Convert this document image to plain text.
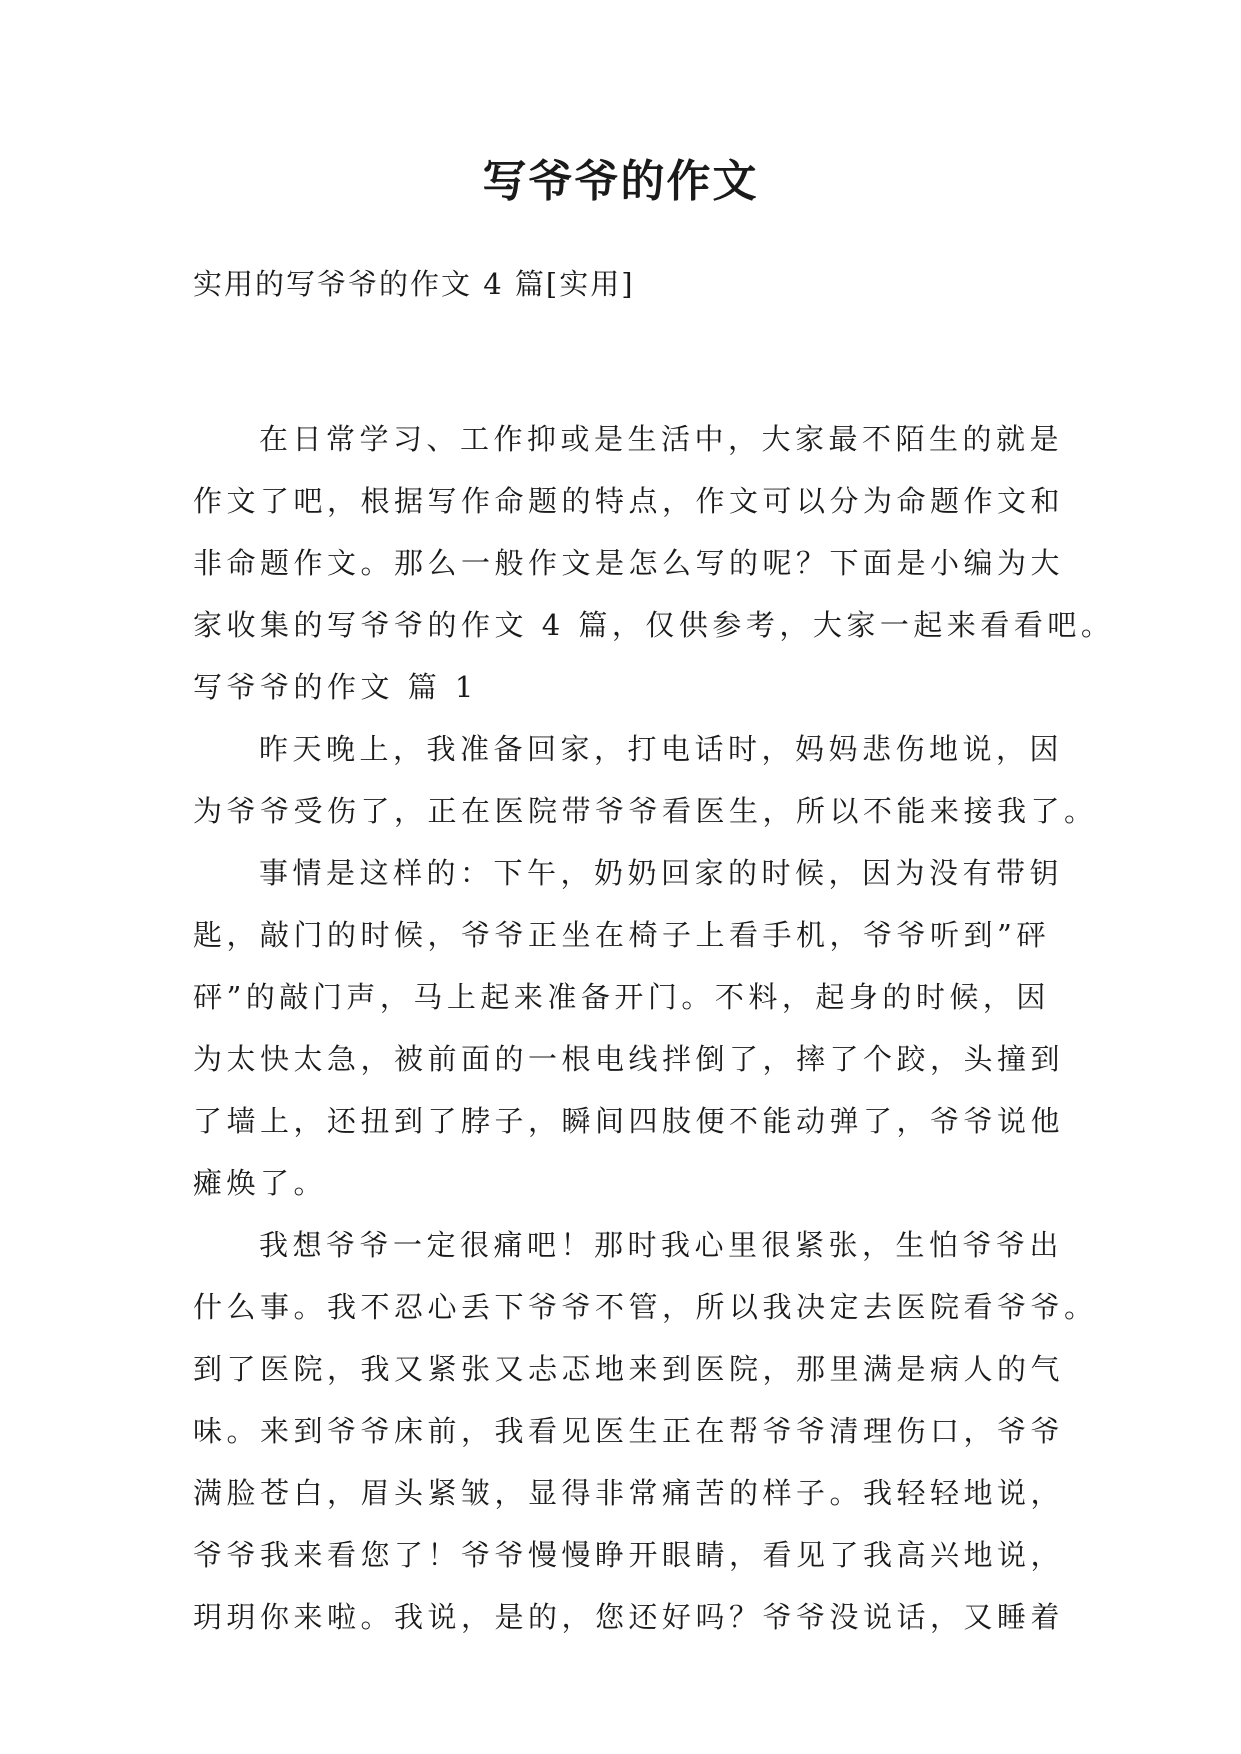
写爷爷的作文
实用的写爷爷的作文 4 篇[实用]
在日常学习、工作抑或是生活中，大家最不陌生的就是
作文了吧，根据写作命题的特点，作文可以分为命题作文和
非命题作文。那么一般作文是怎么写的呢？下面是小编为大
家收集的写爷爷的作文 4 篇，仅供参考，大家一起来看看吧。
写爷爷的作文 篇 1
昨天晚上，我准备回家，打电话时，妈妈悲伤地说，因
为爷爷受伤了，正在医院带爷爷看医生，所以不能来接我了。
事情是这样的：下午，奶奶回家的时候，因为没有带钥
匙，敲门的时候，爷爷正坐在椅子上看手机，爷爷听到”砰
砰”的敲门声，马上起来准备开门。不料，起身的时候，因
为太快太急，被前面的一根电线拌倒了，摔了个跤，头撞到
了墙上，还扭到了脖子，瞬间四肢便不能动弹了，爷爷说他
瘫焕了。
我想爷爷一定很痛吧！那时我心里很紧张，生怕爷爷出
什么事。我不忍心丢下爷爷不管，所以我决定去医院看爷爷。
到了医院，我又紧张又忐忑地来到医院，那里满是病人的气
味。来到爷爷床前，我看见医生正在帮爷爷清理伤口，爷爷
满脸苍白，眉头紧皱，显得非常痛苦的样子。我轻轻地说，
爷爷我来看您了！爷爷慢慢睁开眼睛，看见了我高兴地说，
玥玥你来啦。我说，是的，您还好吗？爷爷没说话，又睡着
